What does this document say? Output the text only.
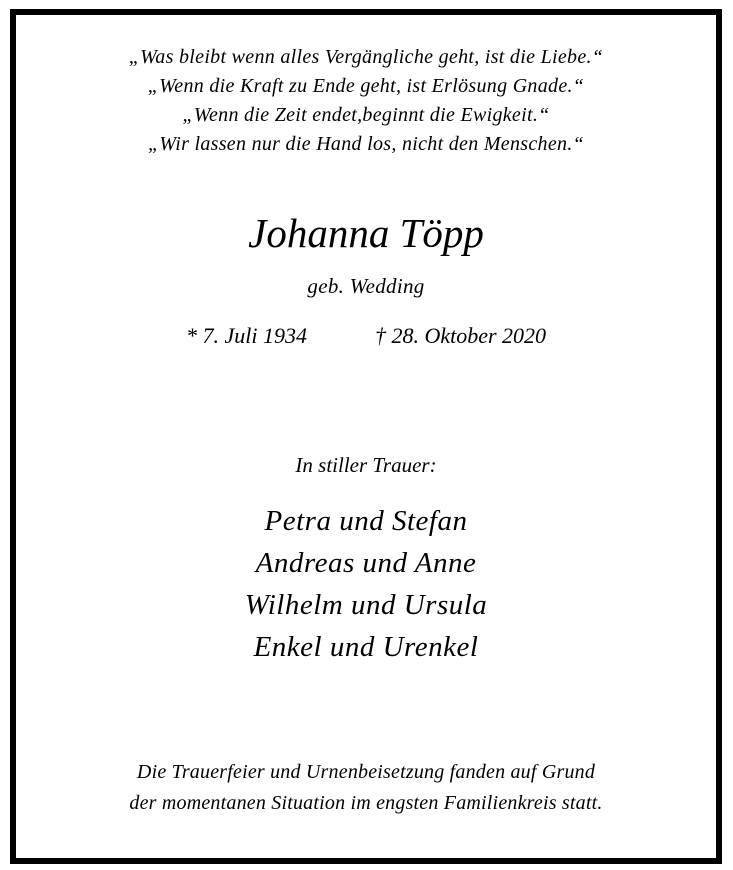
„Was bleibt wenn alles Vergängliche geht, ist die Liebe.“
„Wenn die Kraft zu Ende geht, ist Erlösung Gnade.“
„Wenn die Zeit endet,beginnt die Ewigkeit.“
„Wir lassen nur die Hand los, nicht den Menschen.“
Johanna Töpp
geb. Wedding
* 7. Juli 1934	† 28. Oktober 2020
In stiller Trauer:
Petra und Stefan
Andreas und Anne
Wilhelm und Ursula
Enkel und Urenkel
Die Trauerfeier und Urnenbeisetzung fanden auf Grund
der momentanen Situation im engsten Familienkreis statt.
